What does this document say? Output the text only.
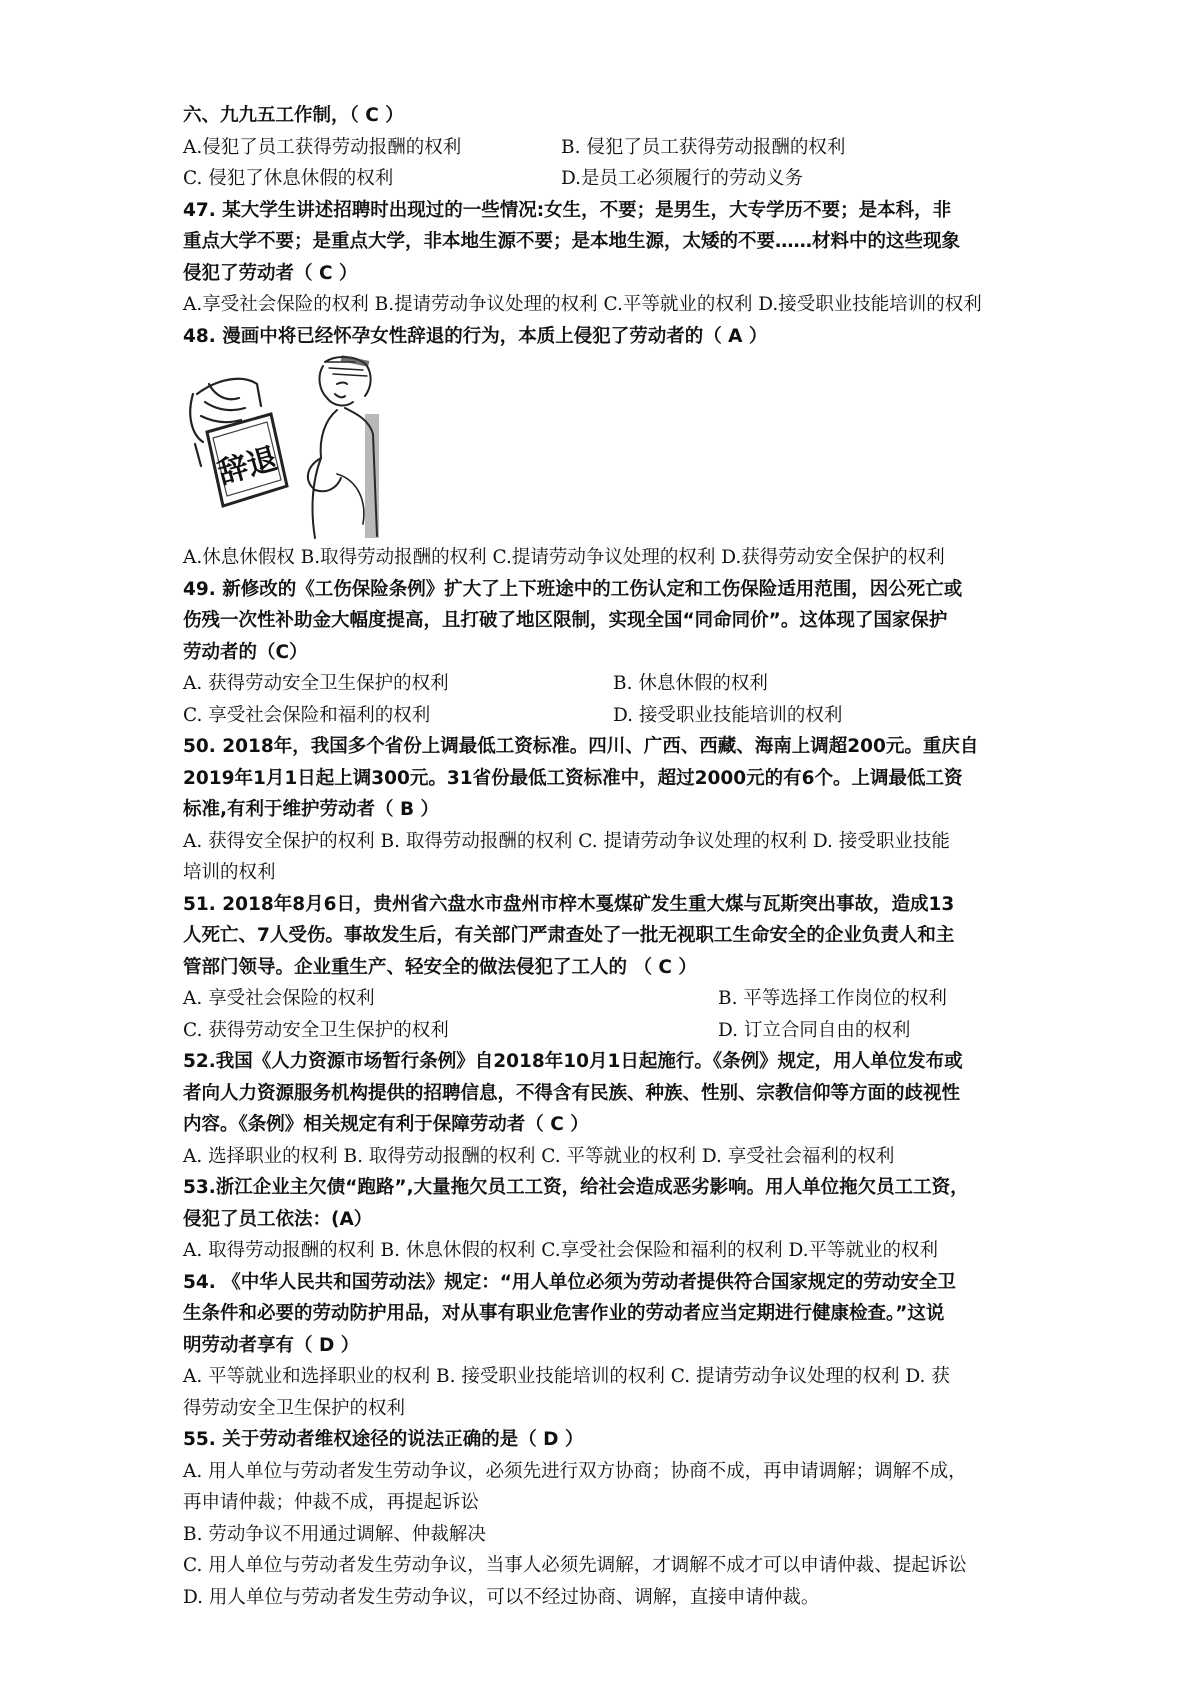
六、九九五工作制，（ C ）

A.侵犯了员工获得劳动报酬的权利	B. 侵犯了员工获得劳动报酬的权利
C. 侵犯了休息休假的权利	D.是员工必须履行的劳动义务

47. 某大学生讲述招聘时出现过的一些情况:女生，不要；是男生，大专学历不要；是本科，非

重点大学不要；是重点大学，非本地生源不要；是本地生源，太矮的不要……材料中的这些现象

侵犯了劳动者（ C ）

A.享受社会保险的权利 B.提请劳动争议处理的权利 C.平等就业的权利 D.接受职业技能培训的权利

48. 漫画中将已经怀孕女性辞退的行为，本质上侵犯了劳动者的（ A ）

辞退

A.休息休假权 B.取得劳动报酬的权利 C.提请劳动争议处理的权利 D.获得劳动安全保护的权利

49. 新修改的《工伤保险条例》扩大了上下班途中的工伤认定和工伤保险适用范围，因公死亡或

伤残一次性补助金大幅度提高，且打破了地区限制，实现全国“同命同价”。这体现了国家保护

劳动者的（C）

A. 获得劳动安全卫生保护的权利	B. 休息休假的权利
C. 享受社会保险和福利的权利	D. 接受职业技能培训的权利

50. 2018年，我国多个省份上调最低工资标准。四川、广西、西藏、海南上调超200元。重庆自

2019年1月1日起上调300元。31省份最低工资标准中，超过2000元的有6个。上调最低工资

标准,有利于维护劳动者（ B ）

A. 获得安全保护的权利 B. 取得劳动报酬的权利 C. 提请劳动争议处理的权利 D. 接受职业技能

培训的权利

51. 2018年8月6日，贵州省六盘水市盘州市梓木戛煤矿发生重大煤与瓦斯突出事故，造成13

人死亡、7人受伤。事故发生后，有关部门严肃查处了一批无视职工生命安全的企业负责人和主

管部门领导。企业重生产、轻安全的做法侵犯了工人的 （ C ）

A. 享受社会保险的权利	B. 平等选择工作岗位的权利
C. 获得劳动安全卫生保护的权利	D. 订立合同自由的权利

52.我国《人力资源市场暂行条例》自2018年10月1日起施行。《条例》规定，用人单位发布或

者向人力资源服务机构提供的招聘信息，不得含有民族、种族、性别、宗教信仰等方面的歧视性

内容。《条例》相关规定有利于保障劳动者（ C ）

A. 选择职业的权利 B. 取得劳动报酬的权利 C. 平等就业的权利 D. 享受社会福利的权利

53.浙江企业主欠债“跑路”,大量拖欠员工工资，给社会造成恶劣影响。用人单位拖欠员工工资，

侵犯了员工依法：(A）

A. 取得劳动报酬的权利 B. 休息休假的权利 C.享受社会保险和福利的权利 D.平等就业的权利

54. 《中华人民共和国劳动法》规定：“用人单位必须为劳动者提供符合国家规定的劳动安全卫

生条件和必要的劳动防护用品，对从事有职业危害作业的劳动者应当定期进行健康检查。”这说

明劳动者享有（ D ）

A. 平等就业和选择职业的权利 B. 接受职业技能培训的权利 C. 提请劳动争议处理的权利 D. 获

得劳动安全卫生保护的权利

55. 关于劳动者维权途径的说法正确的是（ D ）

A. 用人单位与劳动者发生劳动争议，必须先进行双方协商；协商不成，再申请调解；调解不成，

再申请仲裁；仲裁不成，再提起诉讼

B. 劳动争议不用通过调解、仲裁解决

C. 用人单位与劳动者发生劳动争议，当事人必须先调解，才调解不成才可以申请仲裁、提起诉讼

D. 用人单位与劳动者发生劳动争议，可以不经过协商、调解，直接申请仲裁。
